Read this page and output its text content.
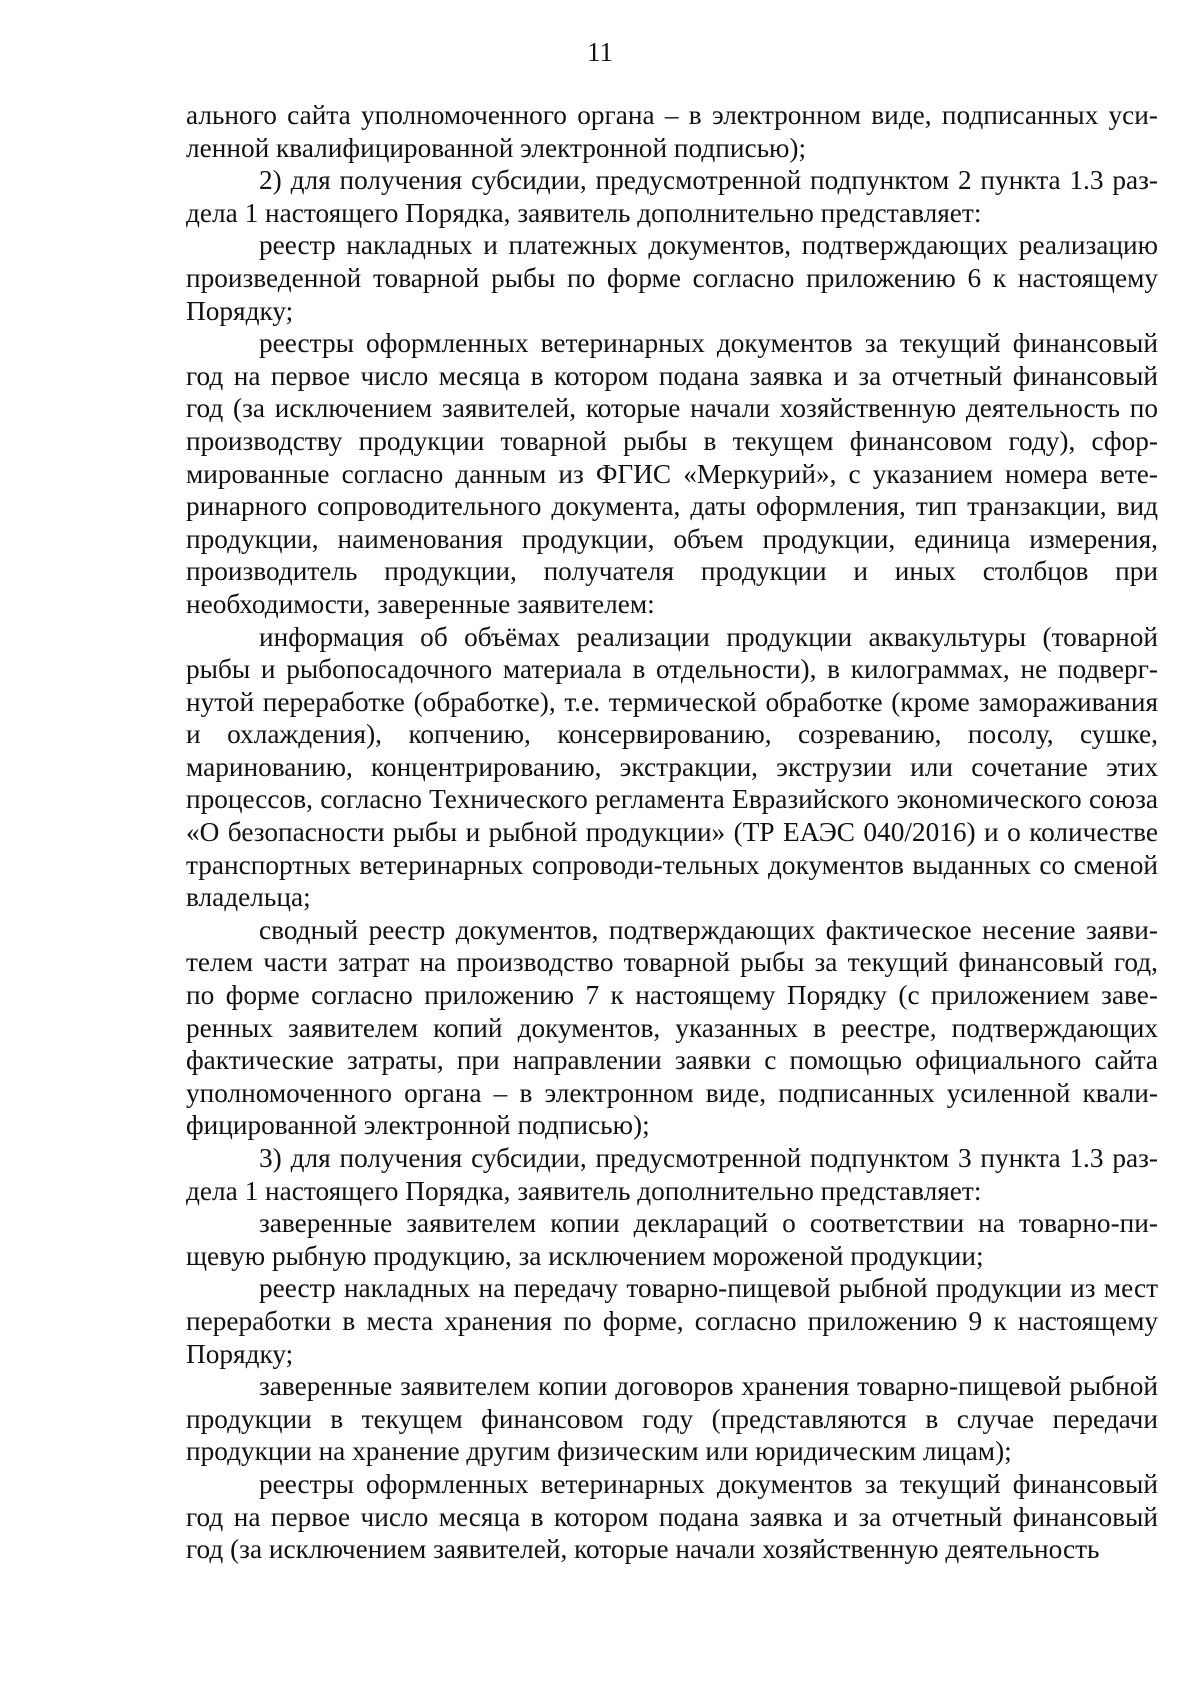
11

ального сайта уполномоченного органа – в электронном виде, подписанных усиленной квалифицированной электронной подписью);

2) для получения субсидии, предусмотренной подпунктом 2 пункта 1.3 раздела 1 настоящего Порядка, заявитель дополнительно представляет:

реестр накладных и платежных документов, подтверждающих реализацию произведенной товарной рыбы по форме согласно приложению 6 к настоящему Порядку;

реестры оформленных ветеринарных документов за текущий финансовый год на первое число месяца в котором подана заявка и за отчетный финансовый год (за исключением заявителей, которые начали хозяйственную деятельность по производству продукции товарной рыбы в текущем финансовом году), сформированные согласно данным из ФГИС «Меркурий», с указанием номера ветеринарного сопроводительного документа, даты оформления, тип транзакции, вид продукции, наименования продукции, объем продукции, единица измерения, производитель продукции, получателя продукции и иных столбцов при необходимости, заверенные заявителем:

информация об объёмах реализации продукции аквакультуры (товарной рыбы и рыбопосадочного материала в отдельности), в килограммах, не подвергнутой переработке (обработке), т.е. термической обработке (кроме замораживания и охлаждения), копчению, консервированию, созреванию, посолу, сушке, маринованию, концентрированию, экстракции, экструзии или сочетание этих процессов, согласно Технического регламента Евразийского экономического союза «О безопасности рыбы и рыбной продукции» (ТР ЕАЭС 040/2016) и о количестве транспортных ветеринарных сопроводи-тельных документов выданных со сменой владельца;

сводный реестр документов, подтверждающих фактическое несение заявителем части затрат на производство товарной рыбы за текущий финансовый год, по форме согласно приложению 7 к настоящему Порядку (с приложением заверенных заявителем копий документов, указанных в реестре, подтверждающих фактические затраты, при направлении заявки с помощью официального сайта уполномоченного органа – в электронном виде, подписанных усиленной квалифицированной электронной подписью);

3) для получения субсидии, предусмотренной подпунктом 3 пункта 1.3 раздела 1 настоящего Порядка, заявитель дополнительно представляет:

заверенные заявителем копии деклараций о соответствии на товарно-пищевую рыбную продукцию, за исключением мороженой продукции;

реестр накладных на передачу товарно-пищевой рыбной продукции из мест переработки в места хранения по форме, согласно приложению 9 к настоящему Порядку;

заверенные заявителем копии договоров хранения товарно-пищевой рыбной продукции в текущем финансовом году (представляются в случае передачи продукции на хранение другим физическим или юридическим лицам);

реестры оформленных ветеринарных документов за текущий финансовый год на первое число месяца в котором подана заявка и за отчетный финансовый год (за исключением заявителей, которые начали хозяйственную деятельность
